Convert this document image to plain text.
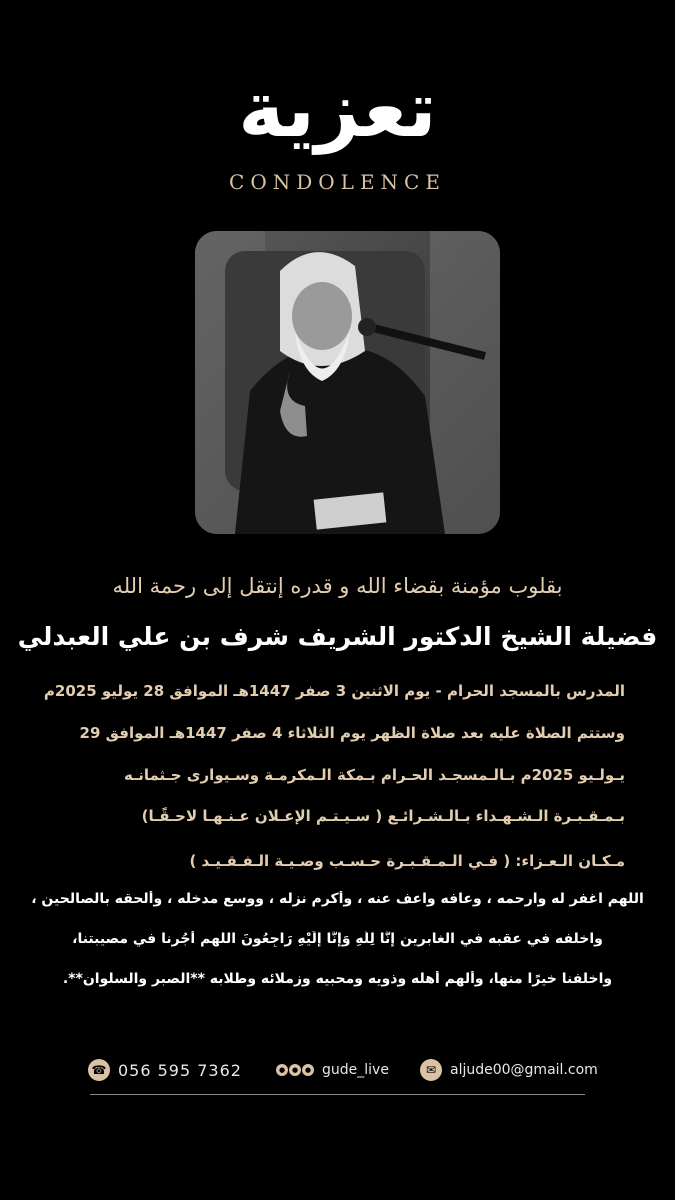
تعزية
CONDOLENCE
بقلوب مؤمنة بقضاء الله و قدره إنتقل إلى رحمة الله
فضيلة الشيخ الدكتور الشريف شرف بن علي العبدلي
المدرس بالمسجد الحرام - يوم الاثنين 3 صفر 1447هـ الموافق 28 يوليو 2025م
وستتم الصلاة عليه بعد صلاة الظهر يوم الثلاثاء 4 صفر 1447هـ الموافق 29
يـولـيو 2025م بـالـمسجـد الحـرام بـمكة الـمكرمـة وسـيوارى جـثمانـه
بـمـقـبـرة الـشـهـداء بـالـشـرائـع ( سـيـتـم الإعـلان عـنـهـا لاحـقًـا)
مـكـان الـعـزاء: ( فـي الـمـقـبـرة حـسـب وصـيـة الـفـقـيـد )
اللهم اغفر له وارحمه ، وعافه واعف عنه ، وأكرم نزله ، ووسع مدخله ، وألحقه بالصالحين ،
واخلفه في عقبه في الغابرين إِنَّا لِلَّهِ وَإِنَّا إِلَيْهِ رَاجِعُونَ اللهم أجُرنا في مصيبتنا،
واخلفنا خيرًا منها، وألهم أهله وذويه ومحبيه وزملائه وطلابه **الصبر والسلوان**.
☎ 056 595 7362	● ● ● gude_live	✉ aljude00@gmail.com
